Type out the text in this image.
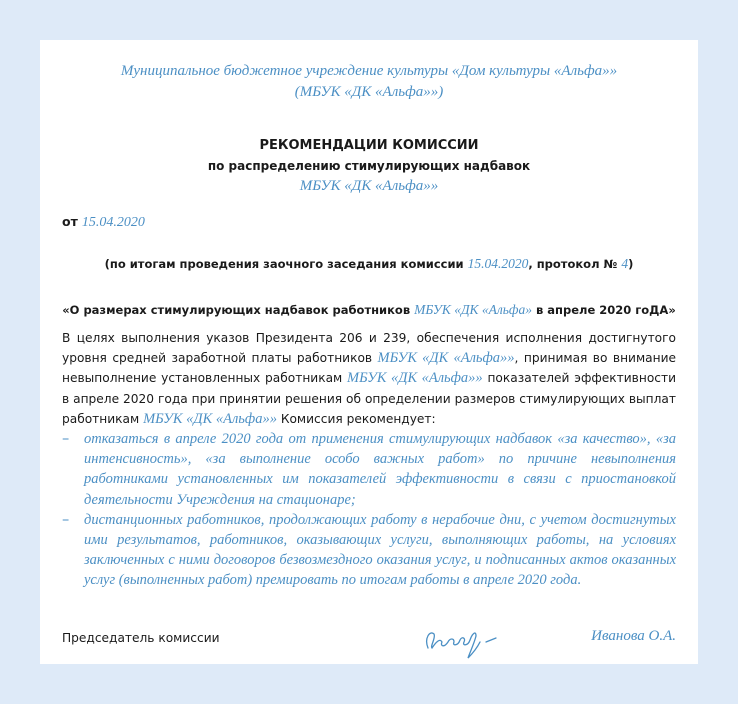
Муниципальное бюджетное учреждение культуры «Дом культуры «Альфа»»
(МБУК «ДК «Альфа»»)
РЕКОМЕНДАЦИИ КОМИССИИ
по распределению стимулирующих надбавок
МБУК «ДК «Альфа»»
от 15.04.2020
(по итогам проведения заочного заседания комиссии 15.04.2020, протокол № 4)
«О размерах стимулирующих надбавок работников МБУК «ДК «Альфа» в апреле 2020 гоДА»

В целях выполнения указов Президента 206 и 239, обеспечения исполнения достигнутого уровня средней заработной платы работников МБУК «ДК «Альфа»», принимая во внимание невыполнение установленных работникам МБУК «ДК «Альфа»» показателей эффективности в апреле 2020 года при принятии решения об определении размеров стимулирующих выплат работникам МБУК «ДК «Альфа»» Комиссия рекомендует:

– отказаться в апреле 2020 года от применения стимулирующих надбавок «за качество», «за интенсивность», «за выполнение особо важных работ» по причине невыполнения работниками установленных им показателей эффективности в связи с приостановкой деятельности Учреждения на стационаре;
– дистанционных работников, продолжающих работу в нерабочие дни, с учетом достигнутых ими результатов, работников, оказывающих услуги, выполняющих работы, на условиях заключенных с ними договоров безвозмездного оказания услуг, и подписанных актов оказанных услуг (выполненных работ) премировать по итогам работы в апреле 2020 года.
Председатель комиссии	Иванова О.А.
